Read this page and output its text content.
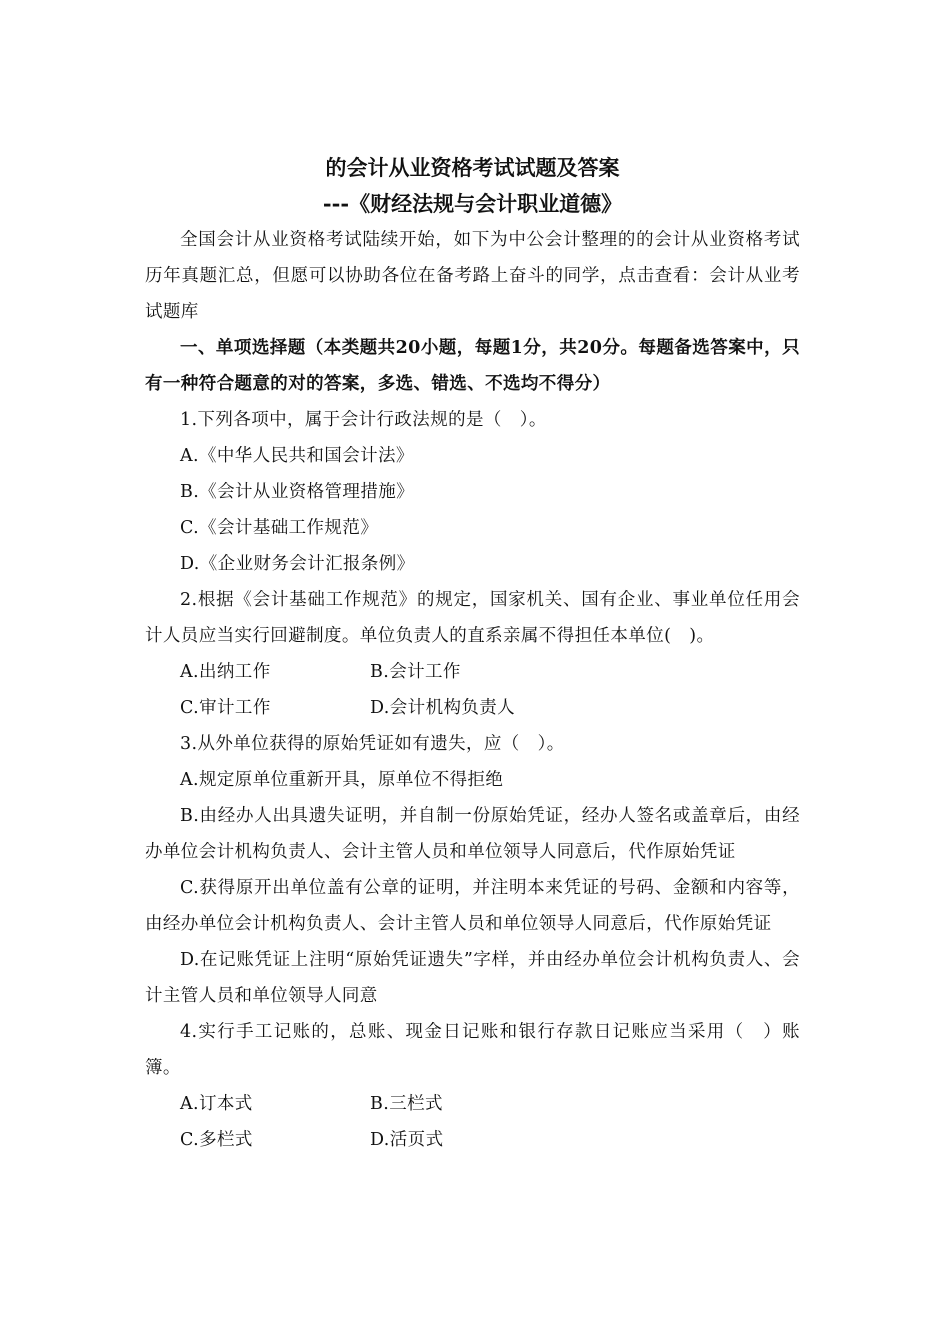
的会计从业资格考试试题及答案

---《财经法规与会计职业道德》

全国会计从业资格考试陆续开始，如下为中公会计整理的的会计从业资格考试历年真题汇总，但愿可以协助各位在备考路上奋斗的同学，点击查看：会计从业考试题库

一、单项选择题（本类题共20小题，每题1分，共20分。每题备选答案中，只有一种符合题意的对的答案，多选、错选、不选均不得分）

1.下列各项中，属于会计行政法规的是（　）。

A.《中华人民共和国会计法》

B.《会计从业资格管理措施》

C.《会计基础工作规范》

D.《企业财务会计汇报条例》

2.根据《会计基础工作规范》的规定，国家机关、国有企业、事业单位任用会计人员应当实行回避制度。单位负责人的直系亲属不得担任本单位(　)。

A.出纳工作	B.会计工作
C.审计工作	D.会计机构负责人

3.从外单位获得的原始凭证如有遗失，应（　）。

A.规定原单位重新开具，原单位不得拒绝

B.由经办人出具遗失证明，并自制一份原始凭证，经办人签名或盖章后，由经办单位会计机构负责人、会计主管人员和单位领导人同意后，代作原始凭证

C.获得原开出单位盖有公章的证明，并注明本来凭证的号码、金额和内容等，由经办单位会计机构负责人、会计主管人员和单位领导人同意后，代作原始凭证

D.在记账凭证上注明“原始凭证遗失”字样，并由经办单位会计机构负责人、会计主管人员和单位领导人同意

4.实行手工记账的，总账、现金日记账和银行存款日记账应当采用（　）账簿。

A.订本式	B.三栏式
C.多栏式	D.活页式
